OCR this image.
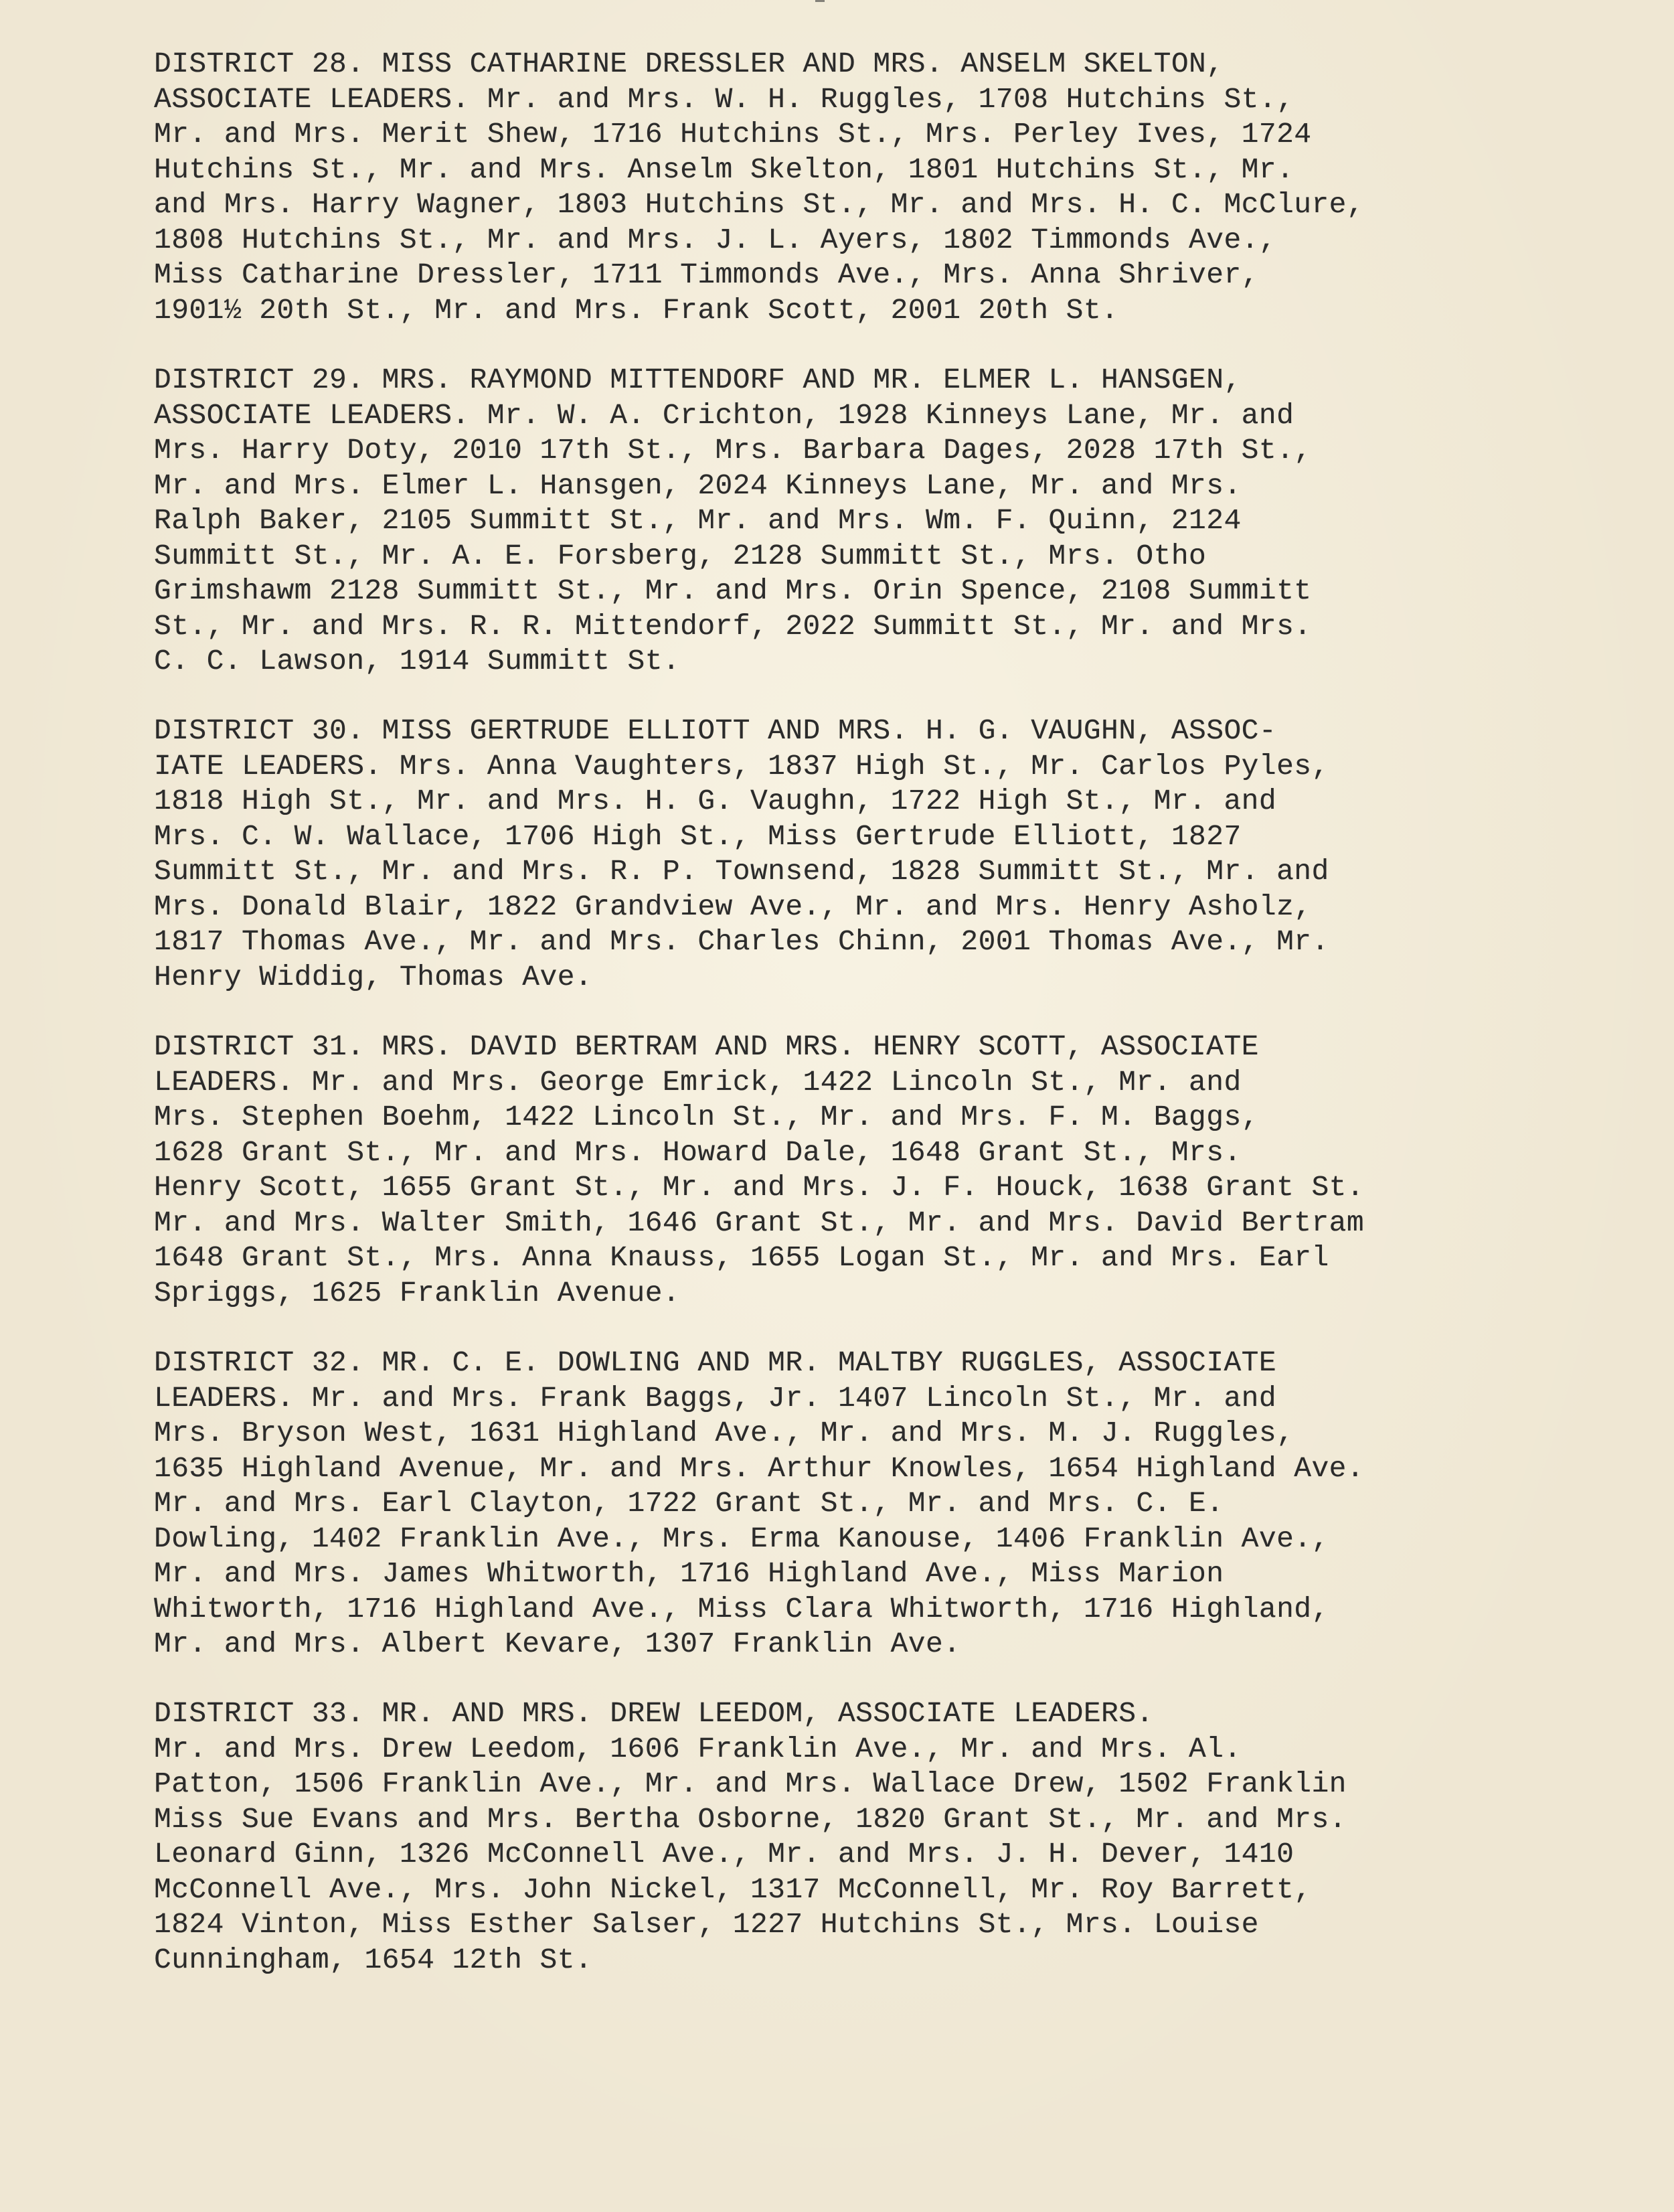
DISTRICT 28. MISS CATHARINE DRESSLER AND MRS. ANSELM SKELTON,

ASSOCIATE LEADERS. Mr. and Mrs. W. H. Ruggles, 1708 Hutchins St.,

Mr. and Mrs. Merit Shew, 1716 Hutchins St., Mrs. Perley Ives, 1724

Hutchins St., Mr. and Mrs. Anselm Skelton, 1801 Hutchins St., Mr.

and Mrs. Harry Wagner, 1803 Hutchins St., Mr. and Mrs. H. C. McClure,

1808 Hutchins St., Mr. and Mrs. J. L. Ayers, 1802 Timmonds Ave.,

Miss Catharine Dressler, 1711 Timmonds Ave., Mrs. Anna Shriver,

1901½ 20th St., Mr. and Mrs. Frank Scott, 2001 20th St.

DISTRICT 29. MRS. RAYMOND MITTENDORF AND MR. ELMER L. HANSGEN,

ASSOCIATE LEADERS. Mr. W. A. Crichton, 1928 Kinneys Lane, Mr. and

Mrs. Harry Doty, 2010 17th St., Mrs. Barbara Dages, 2028 17th St.,

Mr. and Mrs. Elmer L. Hansgen, 2024 Kinneys Lane, Mr. and Mrs.

Ralph Baker, 2105 Summitt St., Mr. and Mrs. Wm. F. Quinn, 2124

Summitt St., Mr. A. E. Forsberg, 2128 Summitt St., Mrs. Otho

Grimshawm 2128 Summitt St., Mr. and Mrs. Orin Spence, 2108 Summitt

St., Mr. and Mrs. R. R. Mittendorf, 2022 Summitt St., Mr. and Mrs.

C. C. Lawson, 1914 Summitt St.

DISTRICT 30. MISS GERTRUDE ELLIOTT AND MRS. H. G. VAUGHN, ASSOC-

IATE LEADERS. Mrs. Anna Vaughters, 1837 High St., Mr. Carlos Pyles,

1818 High St., Mr. and Mrs. H. G. Vaughn, 1722 High St., Mr. and

Mrs. C. W. Wallace, 1706 High St., Miss Gertrude Elliott, 1827

Summitt St., Mr. and Mrs. R. P. Townsend, 1828 Summitt St., Mr. and

Mrs. Donald Blair, 1822 Grandview Ave., Mr. and Mrs. Henry Asholz,

1817 Thomas Ave., Mr. and Mrs. Charles Chinn, 2001 Thomas Ave., Mr.

Henry Widdig, Thomas Ave.

DISTRICT 31. MRS. DAVID BERTRAM AND MRS. HENRY SCOTT, ASSOCIATE

LEADERS. Mr. and Mrs. George Emrick, 1422 Lincoln St., Mr. and

Mrs. Stephen Boehm, 1422 Lincoln St., Mr. and Mrs. F. M. Baggs,

1628 Grant St., Mr. and Mrs. Howard Dale, 1648 Grant St., Mrs.

Henry Scott, 1655 Grant St., Mr. and Mrs. J. F. Houck, 1638 Grant St.

Mr. and Mrs. Walter Smith, 1646 Grant St., Mr. and Mrs. David Bertram

1648 Grant St., Mrs. Anna Knauss, 1655 Logan St., Mr. and Mrs. Earl

Spriggs, 1625 Franklin Avenue.

DISTRICT 32. MR. C. E. DOWLING AND MR. MALTBY RUGGLES, ASSOCIATE

LEADERS. Mr. and Mrs. Frank Baggs, Jr. 1407 Lincoln St., Mr. and

Mrs. Bryson West, 1631 Highland Ave., Mr. and Mrs. M. J. Ruggles,

1635 Highland Avenue, Mr. and Mrs. Arthur Knowles, 1654 Highland Ave.

Mr. and Mrs. Earl Clayton, 1722 Grant St., Mr. and Mrs. C. E.

Dowling, 1402 Franklin Ave., Mrs. Erma Kanouse, 1406 Franklin Ave.,

Mr. and Mrs. James Whitworth, 1716 Highland Ave., Miss Marion

Whitworth, 1716 Highland Ave., Miss Clara Whitworth, 1716 Highland,

Mr. and Mrs. Albert Kevare, 1307 Franklin Ave.

DISTRICT 33. MR. AND MRS. DREW LEEDOM, ASSOCIATE LEADERS.

Mr. and Mrs. Drew Leedom, 1606 Franklin Ave., Mr. and Mrs. Al.

Patton, 1506 Franklin Ave., Mr. and Mrs. Wallace Drew, 1502 Franklin

Miss Sue Evans and Mrs. Bertha Osborne, 1820 Grant St., Mr. and Mrs.

Leonard Ginn, 1326 McConnell Ave., Mr. and Mrs. J. H. Dever, 1410

McConnell Ave., Mrs. John Nickel, 1317 McConnell, Mr. Roy Barrett,

1824 Vinton, Miss Esther Salser, 1227 Hutchins St., Mrs. Louise

Cunningham, 1654 12th St.
